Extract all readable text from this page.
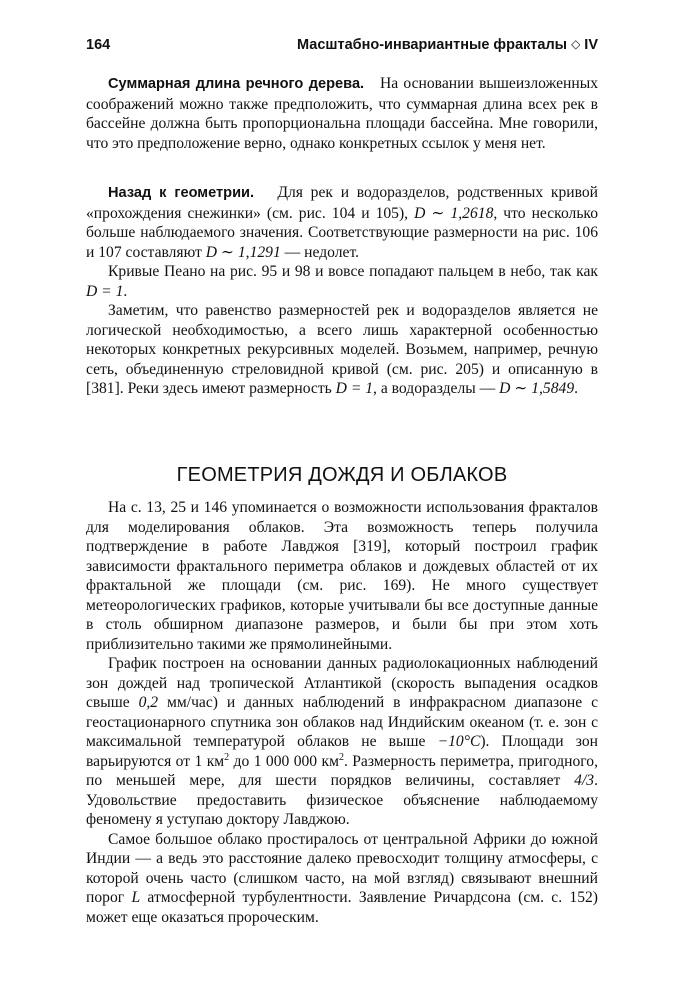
164	Масштабно-инвариантные фракталы ◇ IV

Суммарная длина речного дерева. На основании вышеизложенных соображений можно также предположить, что суммарная длина всех рек в бассейне должна быть пропорциональна площади бассейна. Мне говорили, что это предположение верно, однако конкретных ссылок у меня нет.

Назад к геометрии. Для рек и водоразделов, родственных кривой «прохождения снежинки» (см. рис. 104 и 105), D ∼ 1,2618, что несколько больше наблюдаемого значения. Соответствующие размерности на рис. 106 и 107 составляют D ∼ 1,1291 — недолет.

Кривые Пеано на рис. 95 и 98 и вовсе попадают пальцем в небо, так как D = 1.

Заметим, что равенство размерностей рек и водоразделов является не логической необходимостью, а всего лишь характерной особенностью некоторых конкретных рекурсивных моделей. Возьмем, например, речную сеть, объединенную стреловидной кривой (см. рис. 205) и описанную в [381]. Реки здесь имеют размерность D = 1, а водоразделы — D ∼ 1,5849.

ГЕОМЕТРИЯ ДОЖДЯ И ОБЛАКОВ

На с. 13, 25 и 146 упоминается о возможности использования фракталов для моделирования облаков. Эта возможность теперь получила подтверждение в работе Лавджоя [319], который построил график зависимости фрактального периметра облаков и дождевых областей от их фрактальной же площади (см. рис. 169). Не много существует метеорологических графиков, которые учитывали бы все доступные данные в столь обширном диапазоне размеров, и были бы при этом хоть приблизительно такими же прямолинейными.

График построен на основании данных радиолокационных наблюдений зон дождей над тропической Атлантикой (скорость выпадения осадков свыше 0,2 мм/час) и данных наблюдений в инфракрасном диапазоне с геостационарного спутника зон облаков над Индийским океаном (т. е. зон с максимальной температурой облаков не выше −10°C). Площади зон варьируются от 1 $км^2$ до 1 000 000 $км^2$. Размерность периметра, пригодного, по меньшей мере, для шести порядков величины, составляет 4/3. Удовольствие предоставить физическое объяснение наблюдаемому феномену я уступаю доктору Лавджою.

Самое большое облако простиралось от центральной Африки до южной Индии — а ведь это расстояние далеко превосходит толщину атмосферы, с которой очень часто (слишком часто, на мой взгляд) связывают внешний порог L атмосферной турбулентности. Заявление Ричардсона (см. с. 152) может еще оказаться пророческим.
